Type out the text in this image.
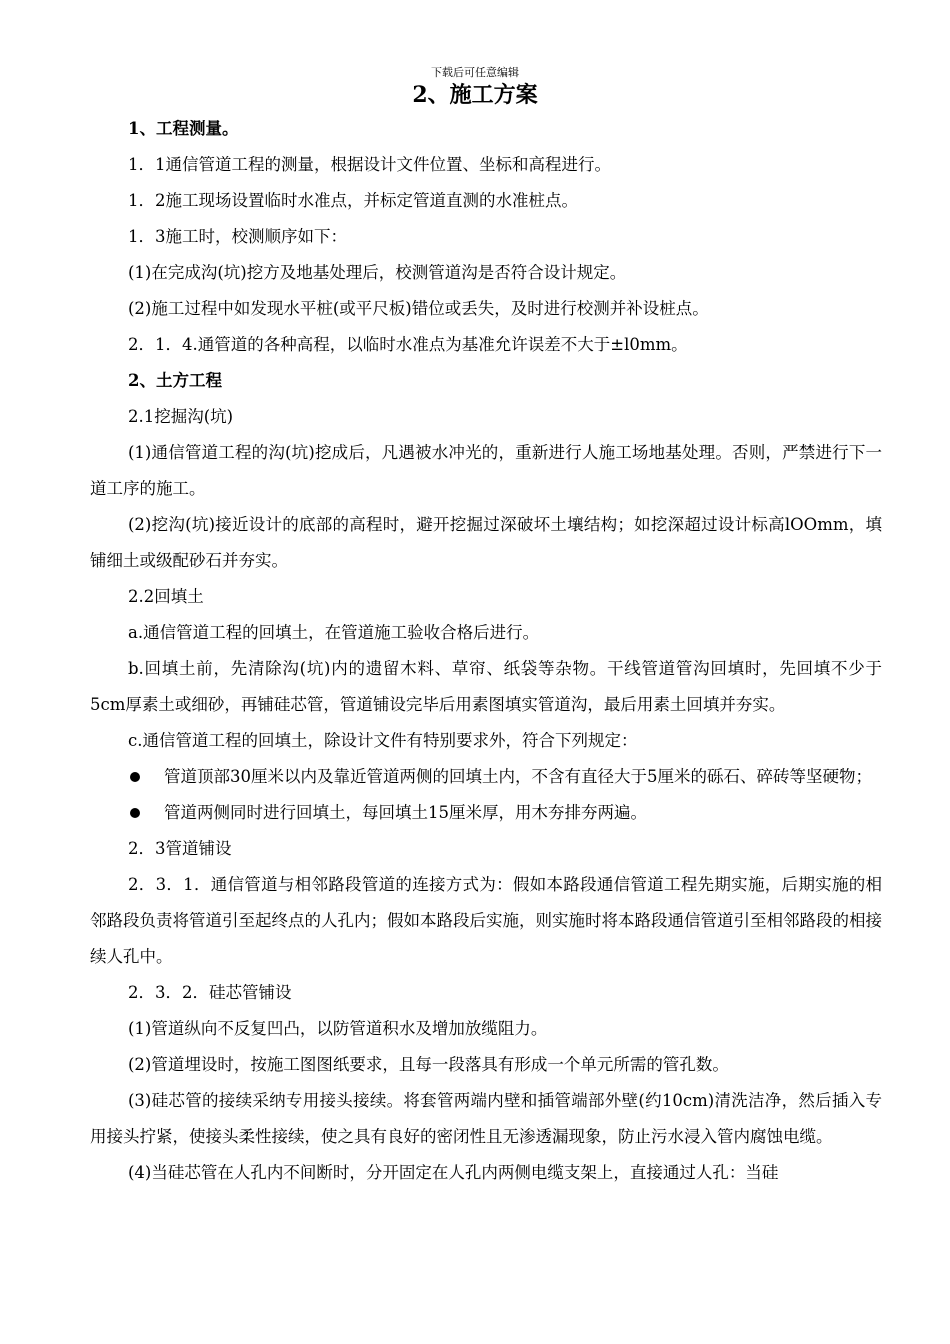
下载后可任意编辑
2、施工方案

1、工程测量。

1．1通信管道工程的测量，根据设计文件位置、坐标和高程进行。

1．2施工现场设置临时水准点，并标定管道直测的水准桩点。

1．3施工时，校测顺序如下：

(1)在完成沟(坑)挖方及地基处理后，校测管道沟是否符合设计规定。

(2)施工过程中如发现水平桩(或平尺板)错位或丢失，及时进行校测并补设桩点。

2．1．4.通管道的各种高程，以临时水准点为基准允许误差不大于±l0mm。

2、土方工程

2.1挖掘沟(坑)

(1)通信管道工程的沟(坑)挖成后，凡遇被水冲光的，重新进行人施工场地基处理。否则，严禁进行下一道工序的施工。

(2)挖沟(坑)接近设计的底部的高程时，避开挖掘过深破坏土壤结构；如挖深超过设计标高lOOmm，填铺细土或级配砂石并夯实。

2.2回填土

a.通信管道工程的回填土，在管道施工验收合格后进行。

b.回填土前，先清除沟(坑)内的遗留木料、草帘、纸袋等杂物。干线管道管沟回填时，先回填不少于5cm厚素土或细砂，再铺硅芯管，管道铺设完毕后用素图填实管道沟，最后用素土回填并夯实。

c.通信管道工程的回填土，除设计文件有特别要求外，符合下列规定：

管道顶部30厘米以内及靠近管道两侧的回填土内，不含有直径大于5厘米的砾石、碎砖等坚硬物；
管道两侧同时进行回填土，每回填土15厘米厚，用木夯排夯两遍。

2．3管道铺设

2．3．1．通信管道与相邻路段管道的连接方式为：假如本路段通信管道工程先期实施，后期实施的相邻路段负责将管道引至起终点的人孔内；假如本路段后实施，则实施时将本路段通信管道引至相邻路段的相接续人孔中。

2．3．2．硅芯管铺设

(1)管道纵向不反复凹凸，以防管道积水及增加放缆阻力。

(2)管道埋设时，按施工图图纸要求，且每一段落具有形成一个单元所需的管孔数。

(3)硅芯管的接续采纳专用接头接续。将套管两端内壁和插管端部外壁(约10cm)清洗洁净，然后插入专用接头拧紧，使接头柔性接续，使之具有良好的密闭性且无渗透漏现象，防止污水浸入管内腐蚀电缆。

(4)当硅芯管在人孔内不间断时，分开固定在人孔内两侧电缆支架上，直接通过人孔：当硅
